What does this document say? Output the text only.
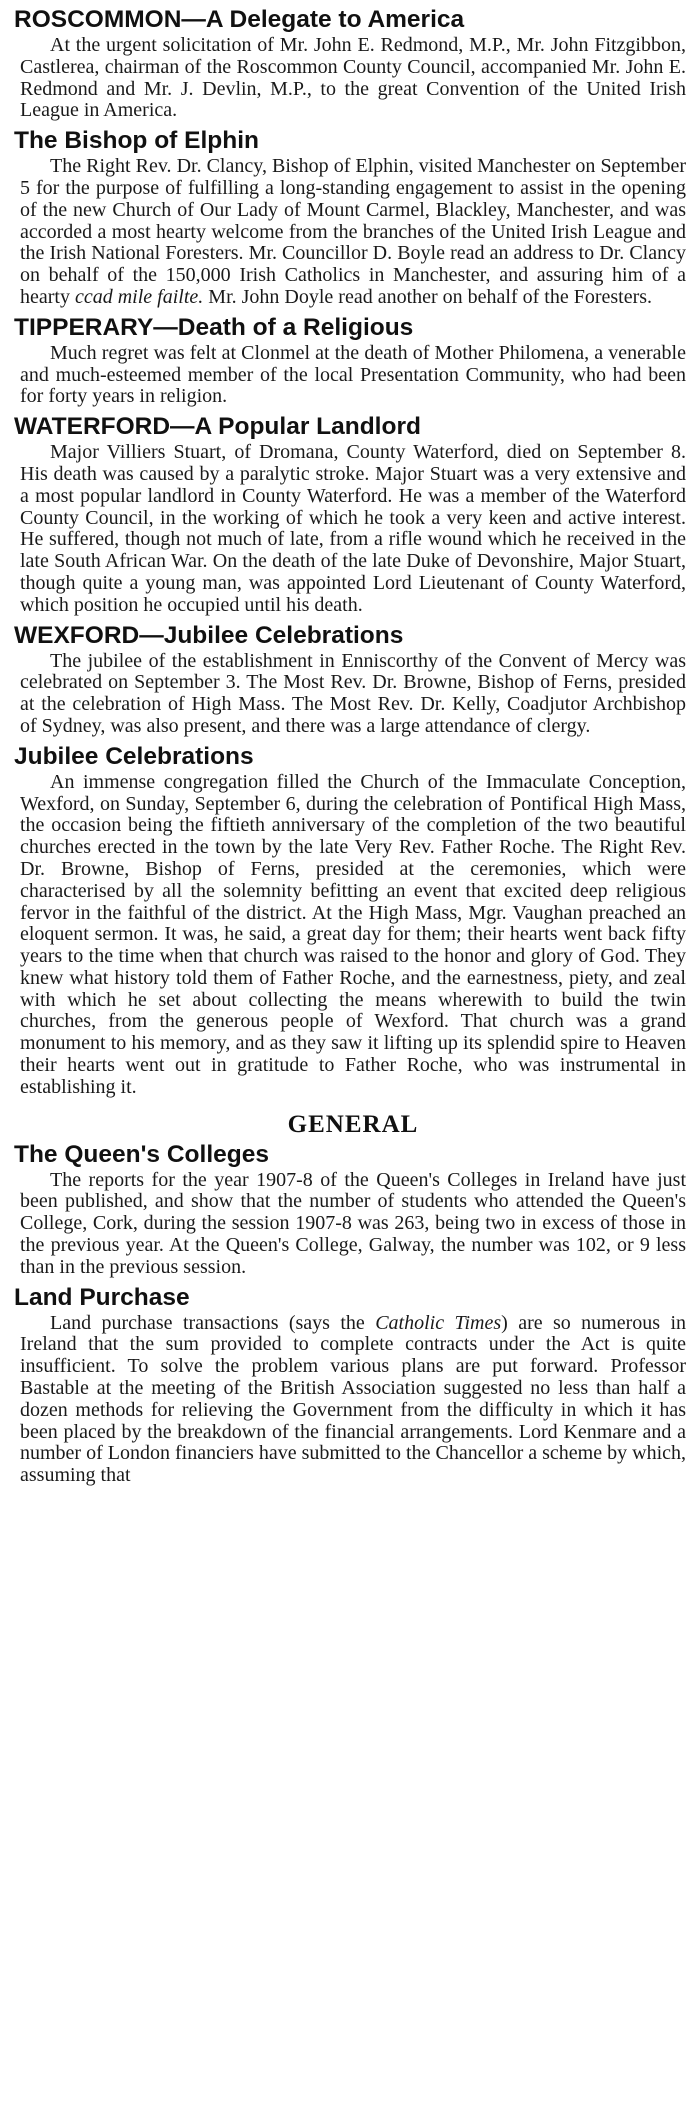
ROSCOMMON—A Delegate to America

At the urgent solicitation of Mr. John E. Redmond, M.P., Mr. John Fitzgibbon, Castlerea, chairman of the Roscommon County Council, accompanied Mr. John E. Redmond and Mr. J. Devlin, M.P., to the great Convention of the United Irish League in America.

The Bishop of Elphin

The Right Rev. Dr. Clancy, Bishop of Elphin, visited Manchester on September 5 for the purpose of fulfilling a long-standing engagement to assist in the opening of the new Church of Our Lady of Mount Carmel, Blackley, Manchester, and was accorded a most hearty welcome from the branches of the United Irish League and the Irish National Foresters. Mr. Councillor D. Boyle read an address to Dr. Clancy on behalf of the 150,000 Irish Catholics in Manchester, and assuring him of a hearty ccad mile failte. Mr. John Doyle read another on behalf of the Foresters.

TIPPERARY—Death of a Religious

Much regret was felt at Clonmel at the death of Mother Philomena, a venerable and much-esteemed member of the local Presentation Community, who had been for forty years in religion.

WATERFORD—A Popular Landlord

Major Villiers Stuart, of Dromana, County Waterford, died on September 8. His death was caused by a paralytic stroke. Major Stuart was a very extensive and a most popular landlord in County Waterford. He was a member of the Waterford County Council, in the working of which he took a very keen and active interest. He suffered, though not much of late, from a rifle wound which he received in the late South African War. On the death of the late Duke of Devonshire, Major Stuart, though quite a young man, was appointed Lord Lieutenant of County Waterford, which position he occupied until his death.

WEXFORD—Jubilee Celebrations

The jubilee of the establishment in Enniscorthy of the Convent of Mercy was celebrated on September 3. The Most Rev. Dr. Browne, Bishop of Ferns, presided at the celebration of High Mass. The Most Rev. Dr. Kelly, Coadjutor Archbishop of Sydney, was also present, and there was a large attendance of clergy.

Jubilee Celebrations

An immense congregation filled the Church of the Immaculate Conception, Wexford, on Sunday, September 6, during the celebration of Pontifical High Mass, the occasion being the fiftieth anniversary of the completion of the two beautiful churches erected in the town by the late Very Rev. Father Roche. The Right Rev. Dr. Browne, Bishop of Ferns, presided at the ceremonies, which were characterised by all the solemnity befitting an event that excited deep religious fervor in the faithful of the district. At the High Mass, Mgr. Vaughan preached an eloquent sermon. It was, he said, a great day for them; their hearts went back fifty years to the time when that church was raised to the honor and glory of God. They knew what history told them of Father Roche, and the earnestness, piety, and zeal with which he set about collecting the means wherewith to build the twin churches, from the generous people of Wexford. That church was a grand monument to his memory, and as they saw it lifting up its splendid spire to Heaven their hearts went out in gratitude to Father Roche, who was instrumental in establishing it.

GENERAL
The Queen's Colleges

The reports for the year 1907-8 of the Queen's Colleges in Ireland have just been published, and show that the number of students who attended the Queen's College, Cork, during the session 1907-8 was 263, being two in excess of those in the previous year. At the Queen's College, Galway, the number was 102, or 9 less than in the previous session.

Land Purchase

Land purchase transactions (says the Catholic Times) are so numerous in Ireland that the sum provided to complete contracts under the Act is quite insufficient. To solve the problem various plans are put forward. Professor Bastable at the meeting of the British Association suggested no less than half a dozen methods for relieving the Government from the difficulty in which it has been placed by the breakdown of the financial arrangements. Lord Kenmare and a number of London financiers have submitted to the Chancellor a scheme by which, assuming that
